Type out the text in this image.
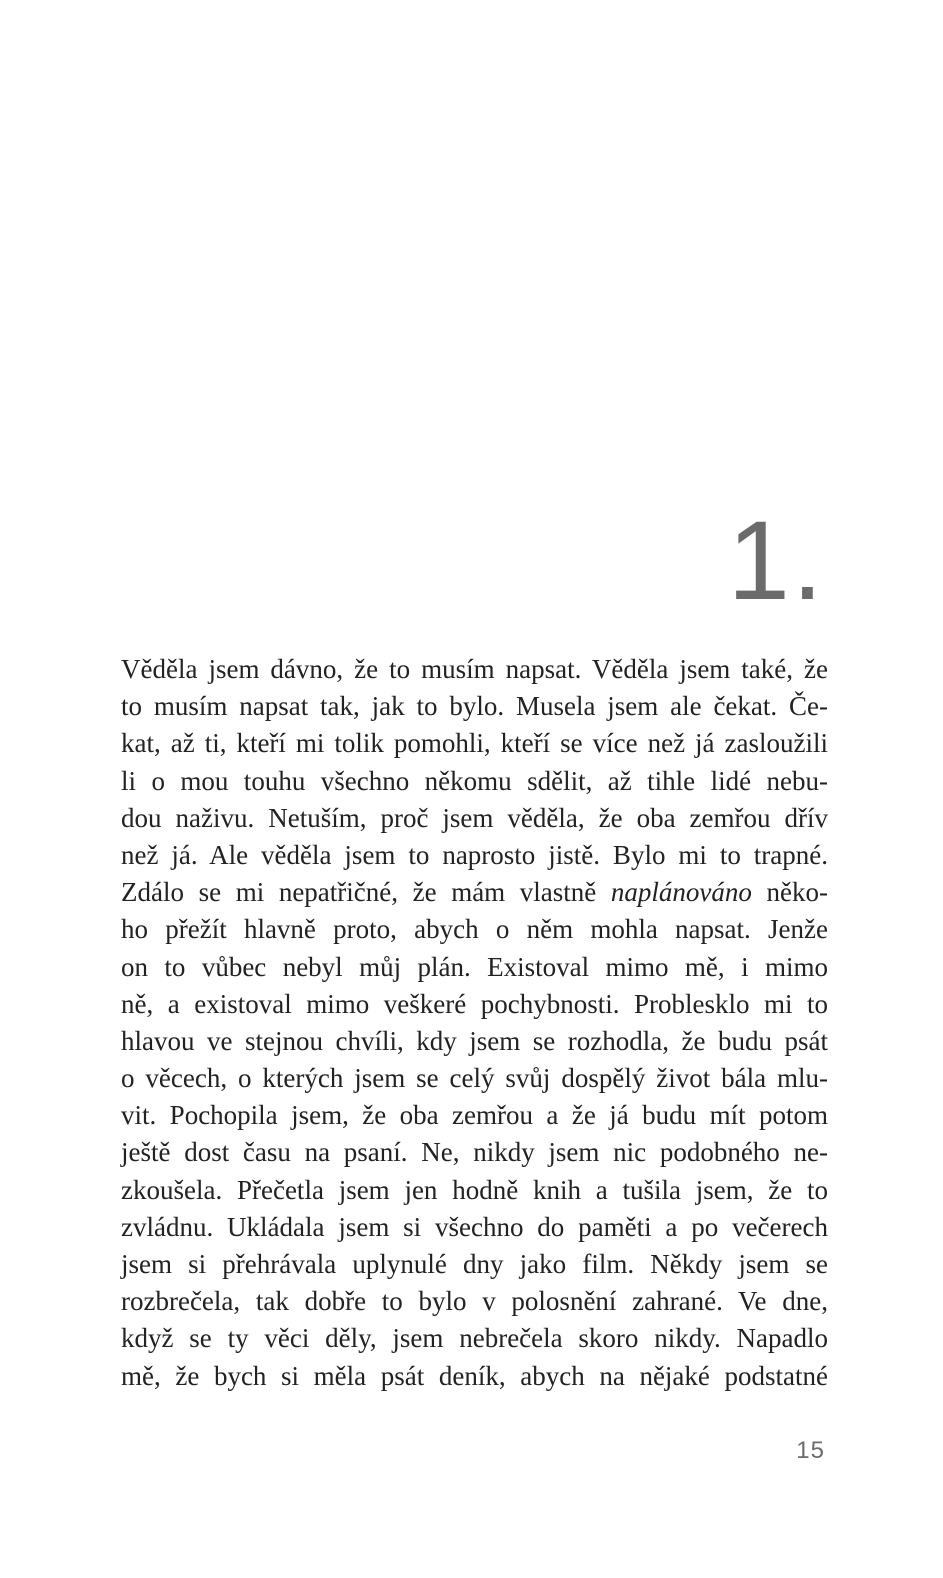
1.
Věděla jsem dávno, že to musím napsat. Věděla jsem také, že
to musím napsat tak, jak to bylo. Musela jsem ale čekat. Če-
kat, až ti, kteří mi tolik pomohli, kteří se více než já zasloužili
li o mou touhu všechno někomu sdělit, až tihle lidé nebu-
dou naživu. Netuším, proč jsem věděla, že oba zemřou dřív
než já. Ale věděla jsem to naprosto jistě. Bylo mi to trapné.
Zdálo se mi nepatřičné, že mám vlastně naplánováno něko-
ho přežít hlavně proto, abych o něm mohla napsat. Jenže
on to vůbec nebyl můj plán. Existoval mimo mě, i mimo
ně, a existoval mimo veškeré pochybnosti. Problesklo mi to
hlavou ve stejnou chvíli, kdy jsem se rozhodla, že budu psát
o věcech, o kterých jsem se celý svůj dospělý život bála mlu-
vit. Pochopila jsem, že oba zemřou a že já budu mít potom
ještě dost času na psaní. Ne, nikdy jsem nic podobného ne-
zkoušela. Přečetla jsem jen hodně knih a tušila jsem, že to
zvládnu. Ukládala jsem si všechno do paměti a po večerech
jsem si přehrávala uplynulé dny jako film. Někdy jsem se
rozbrečela, tak dobře to bylo v polosnění zahrané. Ve dne,
když se ty věci děly, jsem nebrečela skoro nikdy. Napadlo
mě, že bych si měla psát deník, abych na nějaké podstatné
15
